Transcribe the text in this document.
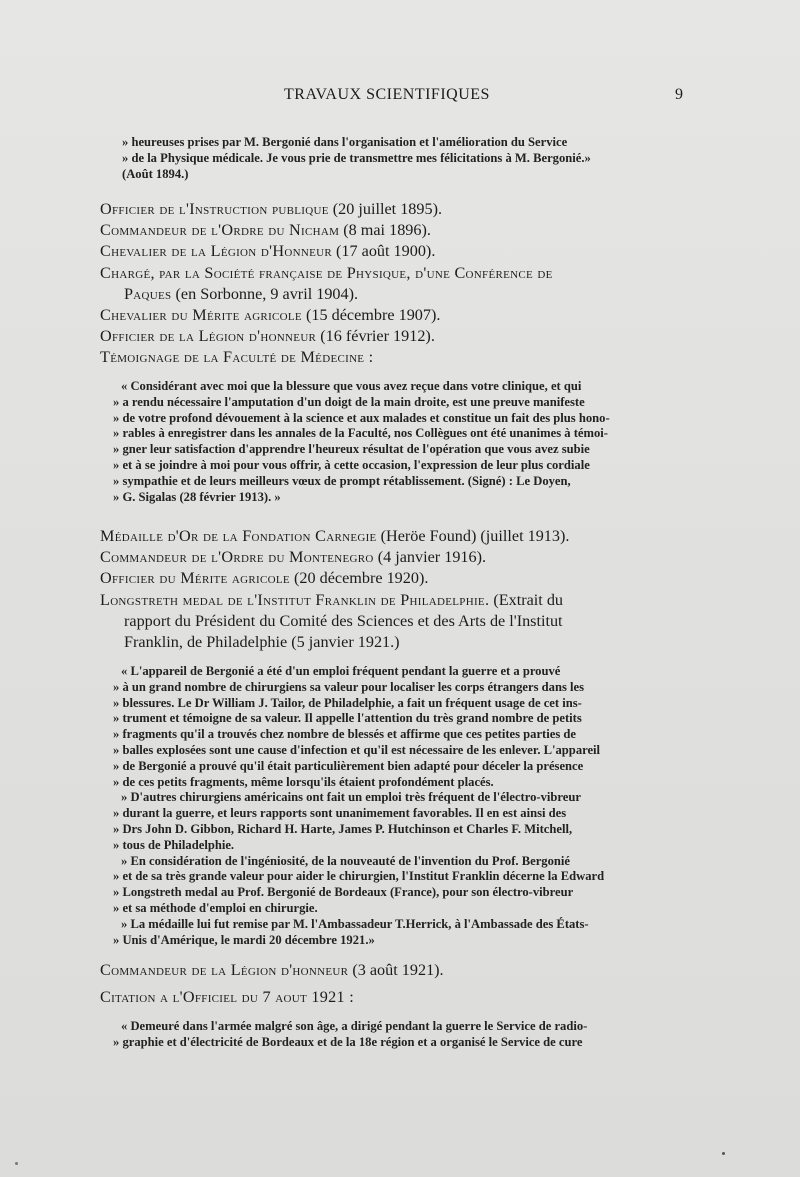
TRAVAUX SCIENTIFIQUES	9

» heureuses prises par M. Bergonié dans l'organisation et l'amélioration du Service

» de la Physique médicale. Je vous prie de transmettre mes félicitations à M. Bergonié.»

(Août 1894.)

Officier de l'Instruction publique (20 juillet 1895).

Commandeur de l'Ordre du Nicham (8 mai 1896).

Chevalier de la Légion d'Honneur (17 août 1900).

Chargé, par la Société française de Physique, d'une Conférence de

Paques (en Sorbonne, 9 avril 1904).

Chevalier du Mérite agricole (15 décembre 1907).

Officier de la Légion d'honneur (16 février 1912).

Témoignage de la Faculté de Médecine :

« Considérant avec moi que la blessure que vous avez reçue dans votre clinique, et qui

» a rendu nécessaire l'amputation d'un doigt de la main droite, est une preuve manifeste

» de votre profond dévouement à la science et aux malades et constitue un fait des plus hono-

» rables à enregistrer dans les annales de la Faculté, nos Collègues ont été unanimes à témoi-

» gner leur satisfaction d'apprendre l'heureux résultat de l'opération que vous avez subie

» et à se joindre à moi pour vous offrir, à cette occasion, l'expression de leur plus cordiale

» sympathie et de leurs meilleurs vœux de prompt rétablissement. (Signé) : Le Doyen,

» G. Sigalas (28 février 1913). »

Médaille d'Or de la Fondation Carnegie (Heröe Found) (juillet 1913).

Commandeur de l'Ordre du Montenegro (4 janvier 1916).

Officier du Mérite agricole (20 décembre 1920).

Longstreth medal de l'Institut Franklin de Philadelphie. (Extrait du

rapport du Président du Comité des Sciences et des Arts de l'Institut

Franklin, de Philadelphie (5 janvier 1921.)

« L'appareil de Bergonié a été d'un emploi fréquent pendant la guerre et a prouvé

» à un grand nombre de chirurgiens sa valeur pour localiser les corps étrangers dans les

» blessures. Le Dr William J. Tailor, de Philadelphie, a fait un fréquent usage de cet ins-

» trument et témoigne de sa valeur. Il appelle l'attention du très grand nombre de petits

» fragments qu'il a trouvés chez nombre de blessés et affirme que ces petites parties de

» balles explosées sont une cause d'infection et qu'il est nécessaire de les enlever. L'appareil

» de Bergonié a prouvé qu'il était particulièrement bien adapté pour déceler la présence

» de ces petits fragments, même lorsqu'ils étaient profondément placés.

» D'autres chirurgiens américains ont fait un emploi très fréquent de l'électro-vibreur

» durant la guerre, et leurs rapports sont unanimement favorables. Il en est ainsi des

» Drs John D. Gibbon, Richard H. Harte, James P. Hutchinson et Charles F. Mitchell,

» tous de Philadelphie.

» En considération de l'ingéniosité, de la nouveauté de l'invention du Prof. Bergonié

» et de sa très grande valeur pour aider le chirurgien, l'Institut Franklin décerne la Edward

» Longstreth medal au Prof. Bergonié de Bordeaux (France), pour son électro-vibreur

» et sa méthode d'emploi en chirurgie.

» La médaille lui fut remise par M. l'Ambassadeur T.Herrick, à l'Ambassade des États-

» Unis d'Amérique, le mardi 20 décembre 1921.»

Commandeur de la Légion d'honneur (3 août 1921).

Citation a l'Officiel du 7 aout 1921 :

« Demeuré dans l'armée malgré son âge, a dirigé pendant la guerre le Service de radio-

» graphie et d'électricité de Bordeaux et de la 18e région et a organisé le Service de cure
